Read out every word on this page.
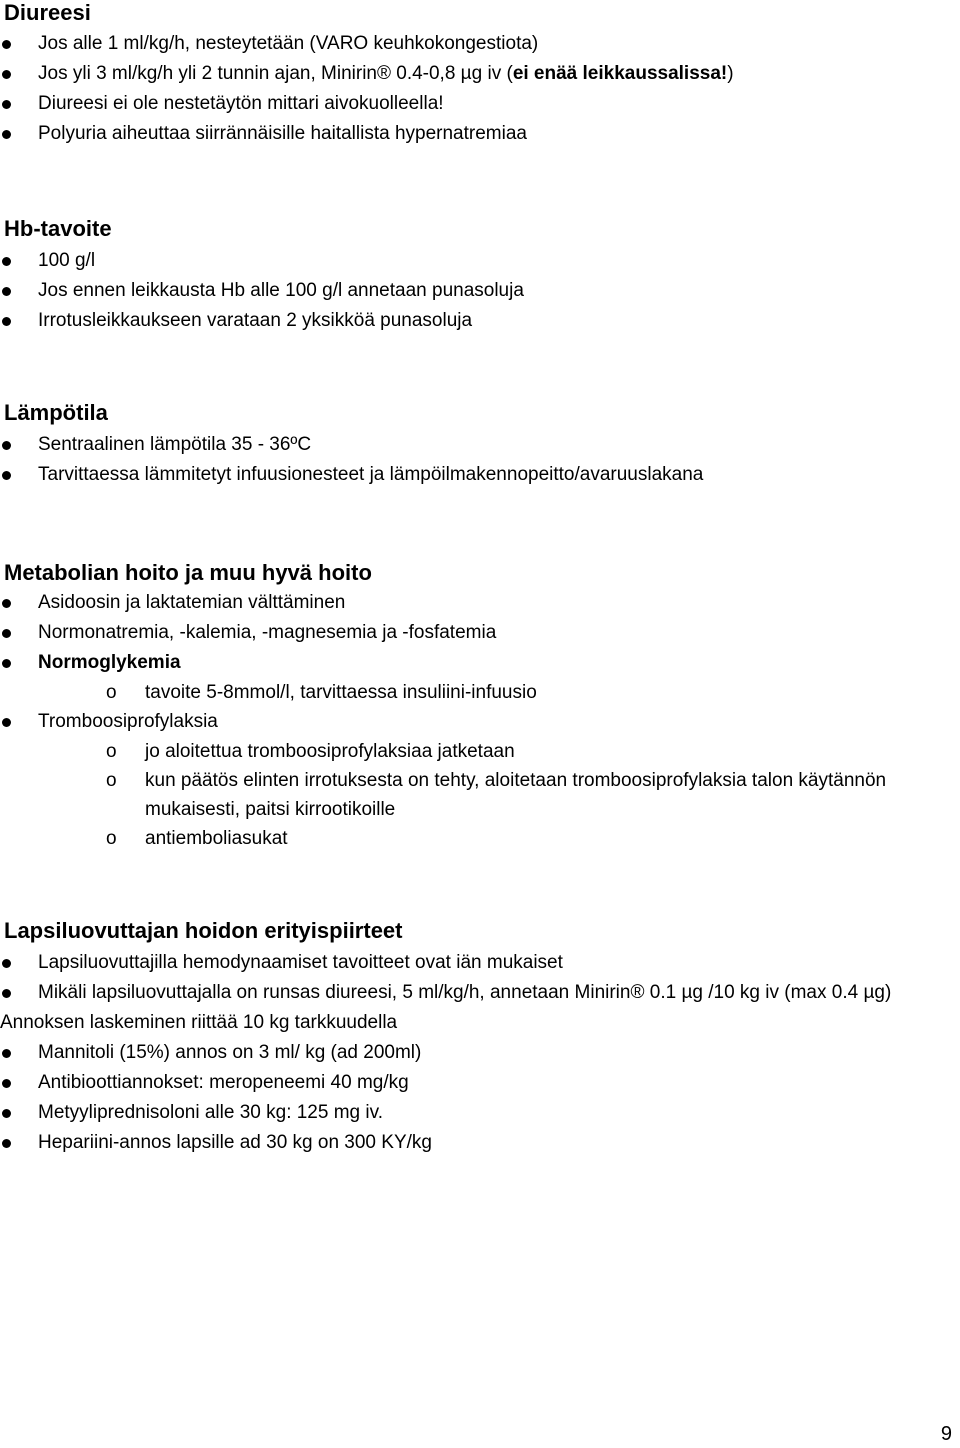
Diureesi
Jos alle 1 ml/kg/h, nesteytetään (VARO keuhkokongestiota)
Jos yli 3 ml/kg/h yli 2 tunnin ajan, Minirin® 0.4-0,8 µg iv (ei enää leikkaussalissa!)
Diureesi ei ole nestetäytön mittari aivokuolleella!
Polyuria aiheuttaa siirrännäisille haitallista hypernatremiaa
Hb-tavoite
100 g/l
Jos ennen leikkausta Hb alle 100 g/l annetaan punasoluja
Irrotusleikkaukseen varataan 2 yksikköä punasoluja
Lämpötila
Sentraalinen lämpötila 35 - 36ºC
Tarvittaessa lämmitetyt infuusionesteet ja lämpöilmakennopeitto/avaruuslakana
Metabolian hoito ja muu hyvä hoito
Asidoosin ja laktatemian välttäminen
Normonatremia, -kalemia, -magnesemia ja -fosfatemia
Normoglykemia
o tavoite 5-8mmol/l, tarvittaessa insuliini-infuusio
Tromboosiprofylaksia
o jo aloitettua tromboosiprofylaksiaa jatketaan
o kun päätös elinten irrotuksesta on tehty, aloitetaan tromboosiprofylaksia talon käytännön mukaisesti, paitsi kirrootikoille
o antiemboliasukat
Lapsiluovuttajan hoidon erityispiirteet
Lapsiluovuttajilla hemodynaamiset tavoitteet ovat iän mukaiset
Mikäli lapsiluovuttajalla on runsas diureesi, 5 ml/kg/h, annetaan Minirin® 0.1 µg /10 kg iv (max 0.4 µg) Annoksen laskeminen riittää 10 kg tarkkuudella
Mannitoli (15%) annos on 3 ml/ kg (ad 200ml)
Antibioottiannokset: meropeneemi 40 mg/kg
Metyyliprednisoloni alle 30 kg: 125 mg iv.
Hepariini-annos lapsille ad 30 kg on 300 KY/kg
9
